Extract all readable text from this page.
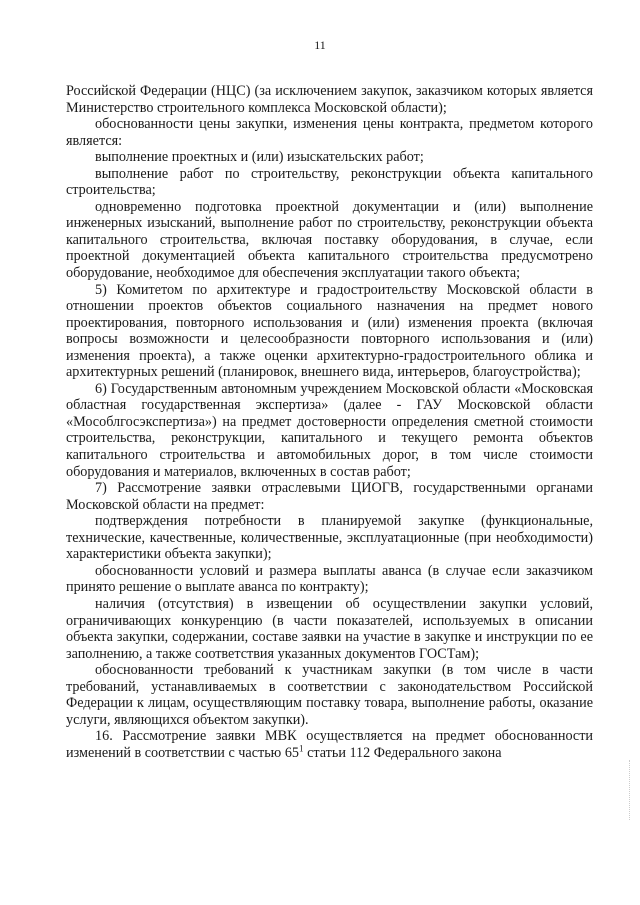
11

Российской Федерации (НЦС) (за исключением закупок, заказчиком которых является Министерство строительного комплекса Московской области);

обоснованности цены закупки, изменения цены контракта, предметом которого является:

выполнение проектных и (или) изыскательских работ;

выполнение работ по строительству, реконструкции объекта капитального строительства;

одновременно подготовка проектной документации и (или) выполнение инженерных изысканий, выполнение работ по строительству, реконструкции объекта капитального строительства, включая поставку оборудования, в случае, если проектной документацией объекта капитального строительства предусмотрено оборудование, необходимое для обеспечения эксплуатации такого объекта;

5) Комитетом по архитектуре и градостроительству Московской области в отношении проектов объектов социального назначения на предмет нового проектирования, повторного использования и (или) изменения проекта (включая вопросы возможности и целесообразности повторного использования и (или) изменения проекта), а также оценки архитектурно-градостроительного облика и архитектурных решений (планировок, внешнего вида, интерьеров, благоустройства);

6) Государственным автономным учреждением Московской области «Московская областная государственная экспертиза» (далее - ГАУ Московской области «Мособлгосэкспертиза») на предмет достоверности определения сметной стоимости строительства, реконструкции, капитального и текущего ремонта объектов капитального строительства и автомобильных дорог, в том числе стоимости оборудования и материалов, включенных в состав работ;

7) Рассмотрение заявки отраслевыми ЦИОГВ, государственными органами Московской области на предмет:

подтверждения потребности в планируемой закупке (функциональные, технические, качественные, количественные, эксплуатационные (при необходимости) характеристики объекта закупки);

обоснованности условий и размера выплаты аванса (в случае если заказчиком принято решение о выплате аванса по контракту);

наличия (отсутствия) в извещении об осуществлении закупки условий, ограничивающих конкуренцию (в части показателей, используемых в описании объекта закупки, содержании, составе заявки на участие в закупке и инструкции по ее заполнению, а также соответствия указанных документов ГОСТам);

обоснованности требований к участникам закупки (в том числе в части требований, устанавливаемых в соответствии с законодательством Российской Федерации к лицам, осуществляющим поставку товара, выполнение работы, оказание услуги, являющихся объектом закупки).

16. Рассмотрение заявки МВК осуществляется на предмет обоснованности изменений в соответствии с частью $65^1$ статьи 112 Федерального закона
